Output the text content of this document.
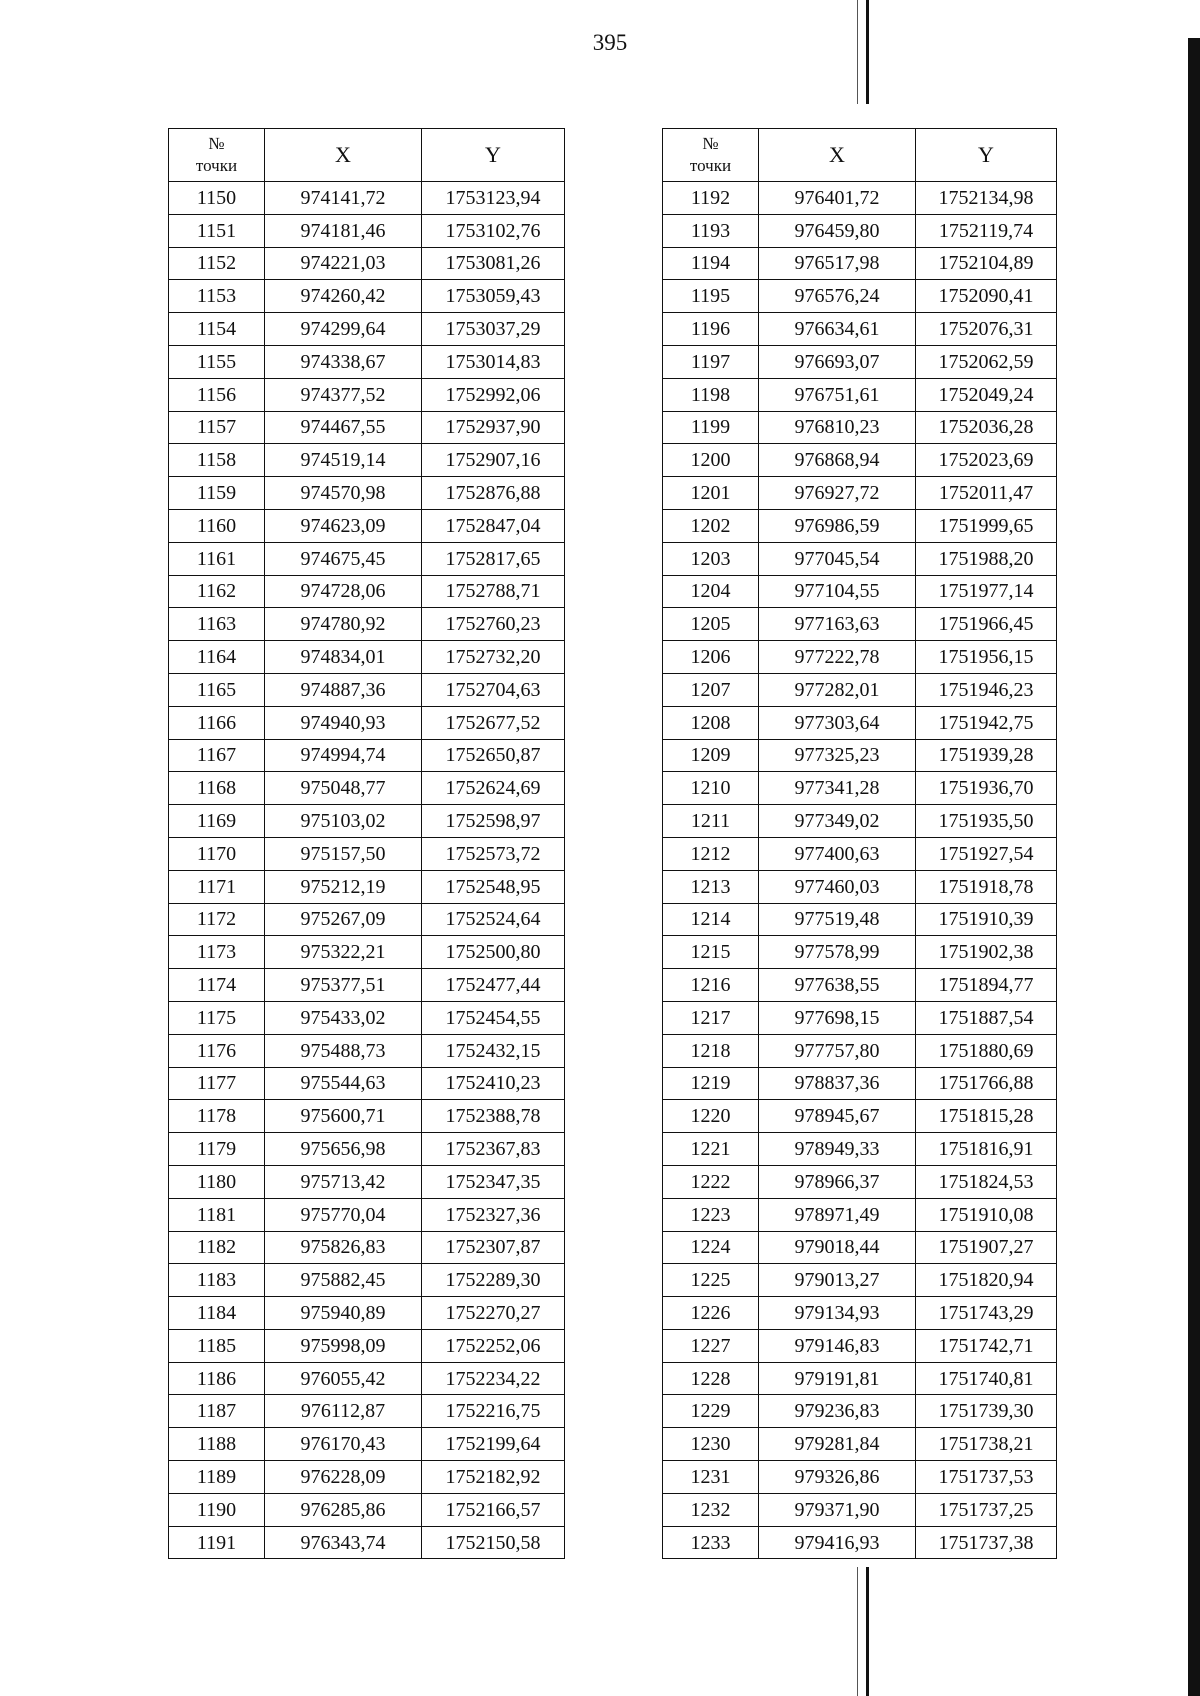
395
№
точки	X	Y
1150	974141,72	1753123,94
1151	974181,46	1753102,76
1152	974221,03	1753081,26
1153	974260,42	1753059,43
1154	974299,64	1753037,29
1155	974338,67	1753014,83
1156	974377,52	1752992,06
1157	974467,55	1752937,90
1158	974519,14	1752907,16
1159	974570,98	1752876,88
1160	974623,09	1752847,04
1161	974675,45	1752817,65
1162	974728,06	1752788,71
1163	974780,92	1752760,23
1164	974834,01	1752732,20
1165	974887,36	1752704,63
1166	974940,93	1752677,52
1167	974994,74	1752650,87
1168	975048,77	1752624,69
1169	975103,02	1752598,97
1170	975157,50	1752573,72
1171	975212,19	1752548,95
1172	975267,09	1752524,64
1173	975322,21	1752500,80
1174	975377,51	1752477,44
1175	975433,02	1752454,55
1176	975488,73	1752432,15
1177	975544,63	1752410,23
1178	975600,71	1752388,78
1179	975656,98	1752367,83
1180	975713,42	1752347,35
1181	975770,04	1752327,36
1182	975826,83	1752307,87
1183	975882,45	1752289,30
1184	975940,89	1752270,27
1185	975998,09	1752252,06
1186	976055,42	1752234,22
1187	976112,87	1752216,75
1188	976170,43	1752199,64
1189	976228,09	1752182,92
1190	976285,86	1752166,57
1191	976343,74	1752150,58
№
точки	X	Y
1192	976401,72	1752134,98
1193	976459,80	1752119,74
1194	976517,98	1752104,89
1195	976576,24	1752090,41
1196	976634,61	1752076,31
1197	976693,07	1752062,59
1198	976751,61	1752049,24
1199	976810,23	1752036,28
1200	976868,94	1752023,69
1201	976927,72	1752011,47
1202	976986,59	1751999,65
1203	977045,54	1751988,20
1204	977104,55	1751977,14
1205	977163,63	1751966,45
1206	977222,78	1751956,15
1207	977282,01	1751946,23
1208	977303,64	1751942,75
1209	977325,23	1751939,28
1210	977341,28	1751936,70
1211	977349,02	1751935,50
1212	977400,63	1751927,54
1213	977460,03	1751918,78
1214	977519,48	1751910,39
1215	977578,99	1751902,38
1216	977638,55	1751894,77
1217	977698,15	1751887,54
1218	977757,80	1751880,69
1219	978837,36	1751766,88
1220	978945,67	1751815,28
1221	978949,33	1751816,91
1222	978966,37	1751824,53
1223	978971,49	1751910,08
1224	979018,44	1751907,27
1225	979013,27	1751820,94
1226	979134,93	1751743,29
1227	979146,83	1751742,71
1228	979191,81	1751740,81
1229	979236,83	1751739,30
1230	979281,84	1751738,21
1231	979326,86	1751737,53
1232	979371,90	1751737,25
1233	979416,93	1751737,38
